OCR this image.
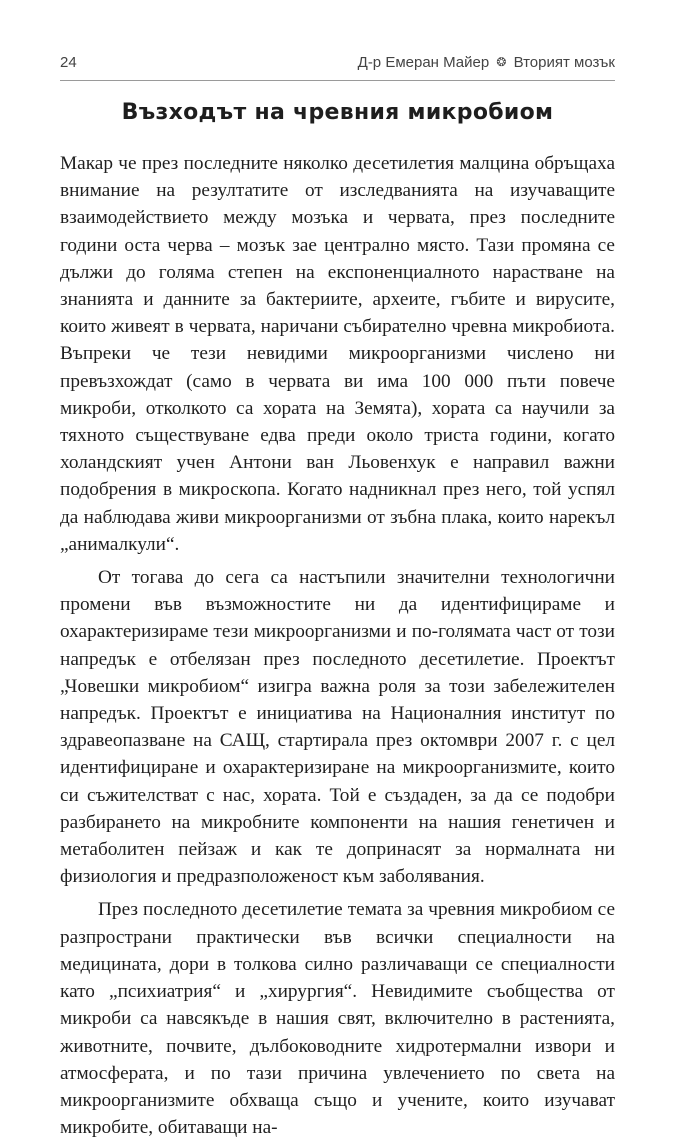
24	Д-р Емеран Майер ❂ Вторият мозък
Възходът на чревния микробиом

Макар че през последните няколко десетилетия малцина обръщаха внимание на резултатите от изследванията на изучаващите взаимодействието между мозъка и червата, през последните години оста черва – мозък зае централно място. Тази промяна се дължи до голяма степен на експоненциалното нарастване на знанията и данните за бактериите, археите, гъбите и вирусите, които живеят в червата, наричани събирателно чревна микробиота. Въпреки че тези невидими микроорганизми числено ни превъзхождат (само в червата ви има 100 000 пъти повече микроби, отколкото са хората на Земята), хората са научили за тяхното съществуване едва преди около триста години, когато холандският учен Антони ван Льовенхук е направил важни подобрения в микроскопа. Когато надникнал през него, той успял да наблюдава живи микроорганизми от зъбна плака, които нарекъл „анималкули“.

От тогава до сега са настъпили значителни технологични промени във възможностите ни да идентифицираме и охарактеризираме тези микроорганизми и по-голямата част от този напредък е отбелязан през последното десетилетие. Проектът „Човешки микробиом“ изигра важна роля за този забележителен напредък. Проектът е инициатива на Националния институт по здравеопазване на САЩ, стартирала през октомври 2007 г. с цел идентифициране и охарактеризиране на микроорганизмите, които си съжителстват с нас, хората. Той е създаден, за да се подобри разбирането на микробните компоненти на нашия генетичен и метаболитен пейзаж и как те допринасят за нормалната ни физиология и предразположеност към заболявания.

През последното десетилетие темата за чревния микробиом се разпространи практически във всички специалности на медицината, дори в толкова силно различаващи се специалности като „психиатрия“ и „хирургия“. Невидимите съобщества от микроби са навсякъде в нашия свят, включително в растенията, животните, почвите, дълбоководните хидротермални извори и атмосферата, и по тази причина увлечението по света на микроорганизмите обхваща също и учените, които изучават микробите, обитаващи на-
